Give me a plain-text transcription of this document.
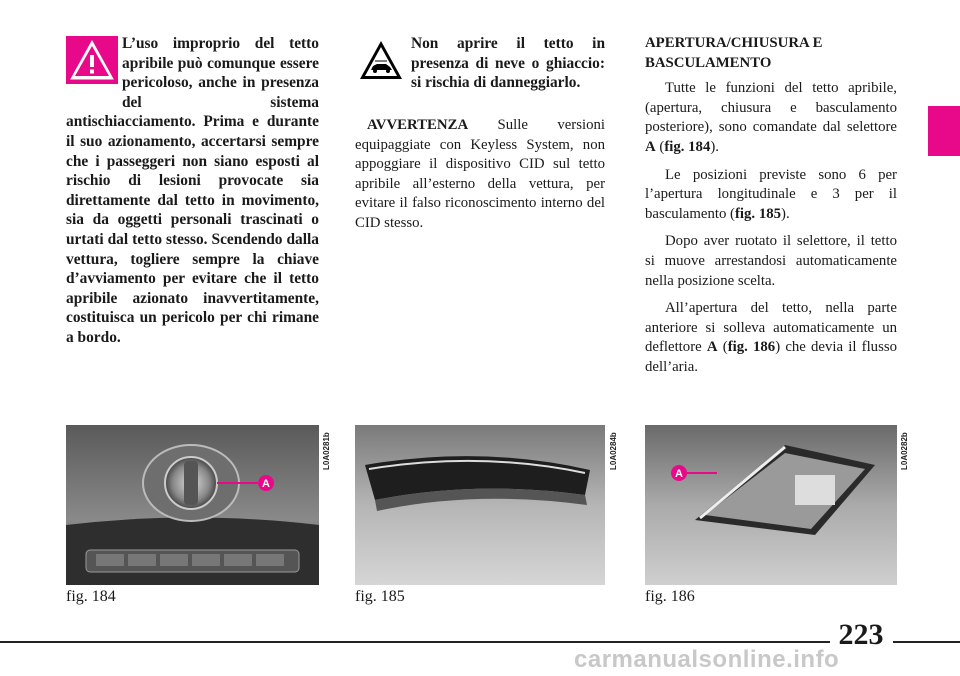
L’uso improprio del tetto apribile può comunque essere pericoloso, anche in presenza del sistema antischiacciamento. Prima e durante il suo azionamento, accertarsi sempre che i passeggeri non siano esposti al rischio di lesioni provocate sia direttamente dal tetto in movimento, sia da oggetti personali trascinati o urtati dal tetto stesso. Scendendo dalla vettura, togliere sempre la chiave d’avviamento per evitare che il tetto apribile azionato inavvertitamente, costituisca un pericolo per chi rimane a bordo.
Non aprire il tetto in presenza di neve o ghiaccio: si rischia di danneggiarlo.
AVVERTENZA Sulle versioni equipaggiate con Keyless System, non appoggiare il dispositivo CID sul tetto apribile all’esterno della vettura, per evitare il falso riconoscimento interno del CID stesso.
APERTURA/CHIUSURA E BASCULAMENTO

Tutte le funzioni del tetto apribile, (apertura, chiusura e basculamento posteriore), sono comandate dal selettore A (fig. 184).

Le posizioni previste sono 6 per l’apertura longitudinale e 3 per il basculamento (fig. 185).

Dopo aver ruotato il selettore, il tetto si muove arrestandosi automaticamente nella posizione scelta.

All’apertura del tetto, nella parte anteriore si solleva automaticamente un deflettore A (fig. 186) che devia il flusso dell’aria.

A
L0A0281b
fig. 184
L0A0284b
fig. 185
A
L0A0282b
fig. 186
223
carmanualsonline.info
